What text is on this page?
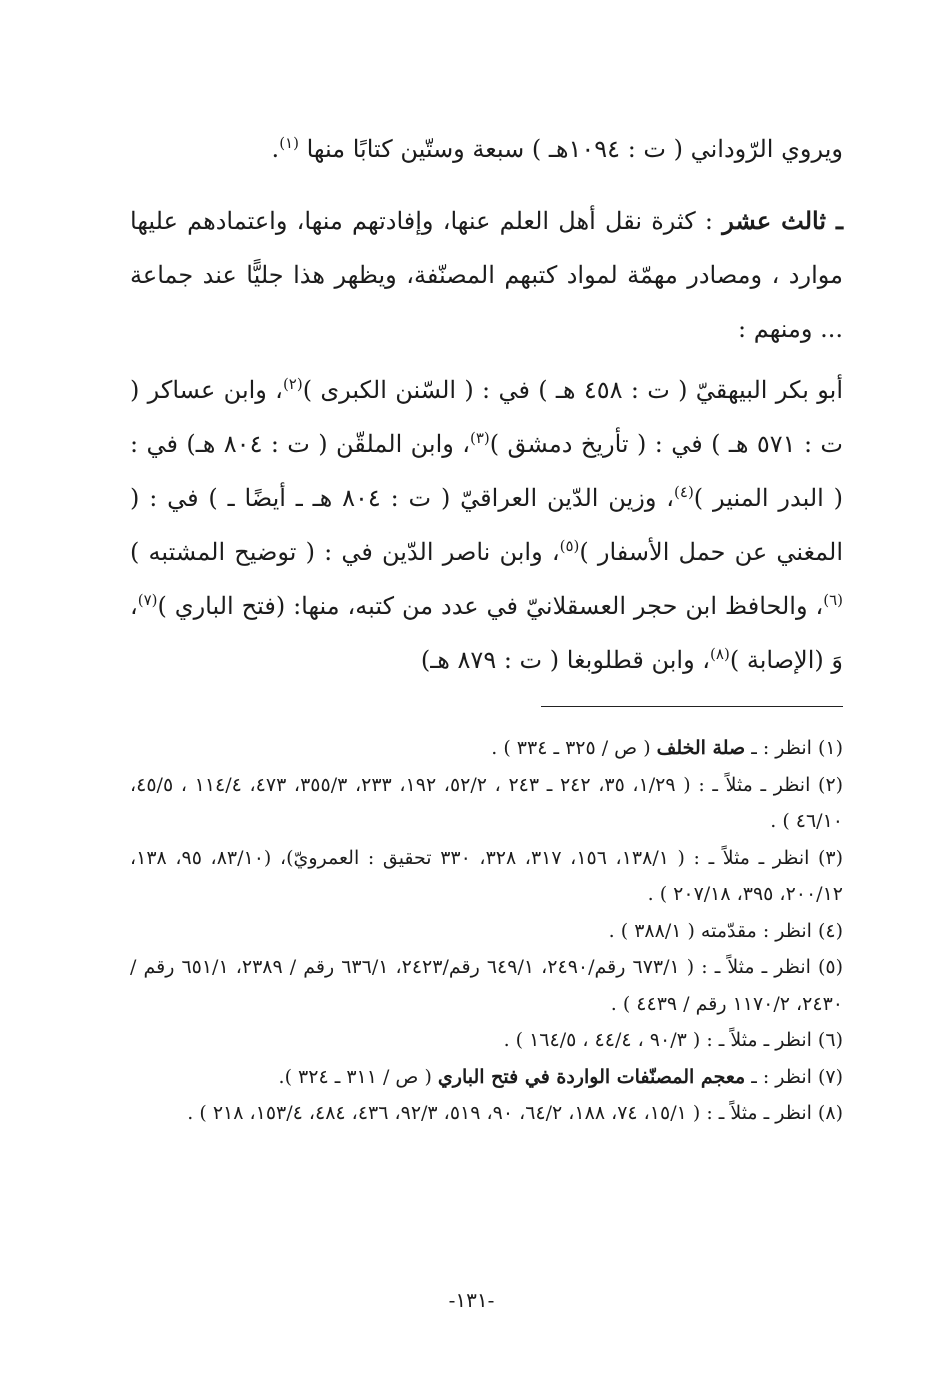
ويروي الرّوداني ( ت : ١٠٩٤هـ ) سبعة وستّين كتابًا منها $^{(١)}$.

ـ ثالث عشر : كثرة نقل أهل العلم عنها، وإفادتهم منها، واعتمادهم عليها موارد ، ومصادر مهمّة لمواد كتبهم المصنّفة، ويظهر هذا جليًّا عند جماعة ... ومنهم :

أبو بكر البيهقيّ ( ت : ٤٥٨ هـ ) في : ( السّنن الكبرى )$^{(٢)}$، وابن عساكر ( ت : ٥٧١ هـ ) في : ( تأريخ دمشق )$^{(٣)}$، وابن الملقّن ( ت : ٨٠٤ هـ) في : ( البدر المنير )$^{(٤)}$، وزين الدّين العراقيّ ( ت : ٨٠٤ هـ ـ أيضًا ـ ) في : ( المغني عن حمل الأسفار )$^{(٥)}$، وابن ناصر الدّين في : ( توضيح المشتبه )$^{(٦)}$، والحافظ ابن حجر العسقلانيّ في عدد من كتبه، منها: (فتح الباري )$^{(٧)}$، وَ (الإصابة )$^{(٨)}$، وابن قطلوبغا ( ت : ٨٧٩ هـ)

(١) انظر : ـ صلة الخلف ( ص / ٣٢٥ ـ ٣٣٤ ) .

(٢) انظر ـ مثلاً ـ : ( ١/٢٩، ٣٥، ٢٤٢ ـ ٢٤٣ ، ٥٢/٢، ١٩٢، ٢٣٣، ٣٥٥/٣، ٤٧٣، ١١٤/٤ ، ٤٥/٥، ٤٦/١٠ ) .

(٣) انظر ـ مثلاً ـ : ( ١٣٨/١، ١٥٦، ٣١٧، ٣٢٨، ٣٣٠ تحقيق : العمرويّ)، (٨٣/١٠، ٩٥، ١٣٨، ٢٠٠/١٢، ٣٩٥، ٢٠٧/١٨ ) .

(٤) انظر : مقدّمته ( ٣٨٨/١ ) .

(٥) انظر ـ مثلاً ـ : ( ٦٧٣/١ رقم/٢٤٩٠، ٦٤٩/١ رقم/٢٤٢٣، ٦٣٦/١ رقم / ٢٣٨٩، ٦٥١/١ رقم / ٢٤٣٠، ١١٧٠/٢ رقم / ٤٤٣٩ ) .

(٦) انظر ـ مثلاً ـ : ( ٩٠/٣ ، ٤٤/٤ ، ١٦٤/٥ ) .

(٧) انظر : ـ معجم المصنّفات الواردة في فتح الباري ( ص / ٣١١ ـ ٣٢٤ ).

(٨) انظر ـ مثلاً ـ : ( ١٥/١، ٧٤، ١٨٨، ٦٤/٢، ٩٠، ٥١٩، ٩٢/٣، ٤٣٦، ٤٨٤، ١٥٣/٤، ٢١٨ ) .

-١٣١-
